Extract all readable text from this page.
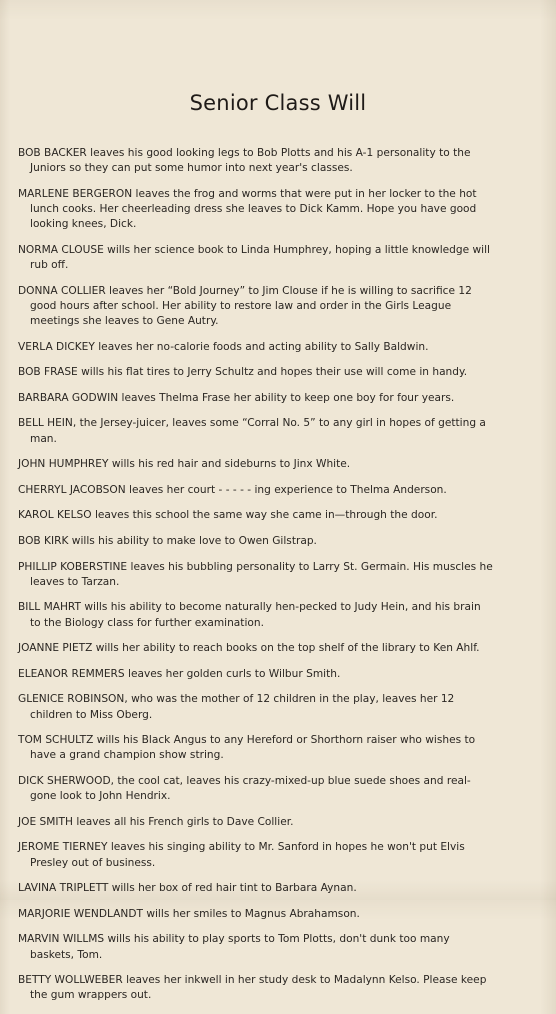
Senior Class Will
BOB BACKER leaves his good looking legs to Bob Plotts and his A-1 personality to the Juniors so they can put some humor into next year's classes.
MARLENE BERGERON leaves the frog and worms that were put in her locker to the hot lunch cooks. Her cheerleading dress she leaves to Dick Kamm. Hope you have good looking knees, Dick.
NORMA CLOUSE wills her science book to Linda Humphrey, hoping a little knowledge will rub off.
DONNA COLLIER leaves her “Bold Journey” to Jim Clouse if he is willing to sacrifice 12 good hours after school. Her ability to restore law and order in the Girls League meetings she leaves to Gene Autry.
VERLA DICKEY leaves her no-calorie foods and acting ability to Sally Baldwin.
BOB FRASE wills his flat tires to Jerry Schultz and hopes their use will come in handy.
BARBARA GODWIN leaves Thelma Frase her ability to keep one boy for four years.
BELL HEIN, the Jersey-juicer, leaves some “Corral No. 5” to any girl in hopes of getting a man.
JOHN HUMPHREY wills his red hair and sideburns to Jinx White.
CHERRYL JACOBSON leaves her court - - - - - ing experience to Thelma Anderson.
KAROL KELSO leaves this school the same way she came in—through the door.
BOB KIRK wills his ability to make love to Owen Gilstrap.
PHILLIP KOBERSTINE leaves his bubbling personality to Larry St. Germain. His muscles he leaves to Tarzan.
BILL MAHRT wills his ability to become naturally hen-pecked to Judy Hein, and his brain to the Biology class for further examination.
JOANNE PIETZ wills her ability to reach books on the top shelf of the library to Ken Ahlf.
ELEANOR REMMERS leaves her golden curls to Wilbur Smith.
GLENICE ROBINSON, who was the mother of 12 children in the play, leaves her 12 children to Miss Oberg.
TOM SCHULTZ wills his Black Angus to any Hereford or Shorthorn raiser who wishes to have a grand champion show string.
DICK SHERWOOD, the cool cat, leaves his crazy-mixed-up blue suede shoes and real-gone look to John Hendrix.
JOE SMITH leaves all his French girls to Dave Collier.
JEROME TIERNEY leaves his singing ability to Mr. Sanford in hopes he won't put Elvis Presley out of business.
LAVINA TRIPLETT wills her box of red hair tint to Barbara Aynan.
MARJORIE WENDLANDT wills her smiles to Magnus Abrahamson.
MARVIN WILLMS wills his ability to play sports to Tom Plotts, don't dunk too many baskets, Tom.
BETTY WOLLWEBER leaves her inkwell in her study desk to Madalynn Kelso. Please keep the gum wrappers out.
